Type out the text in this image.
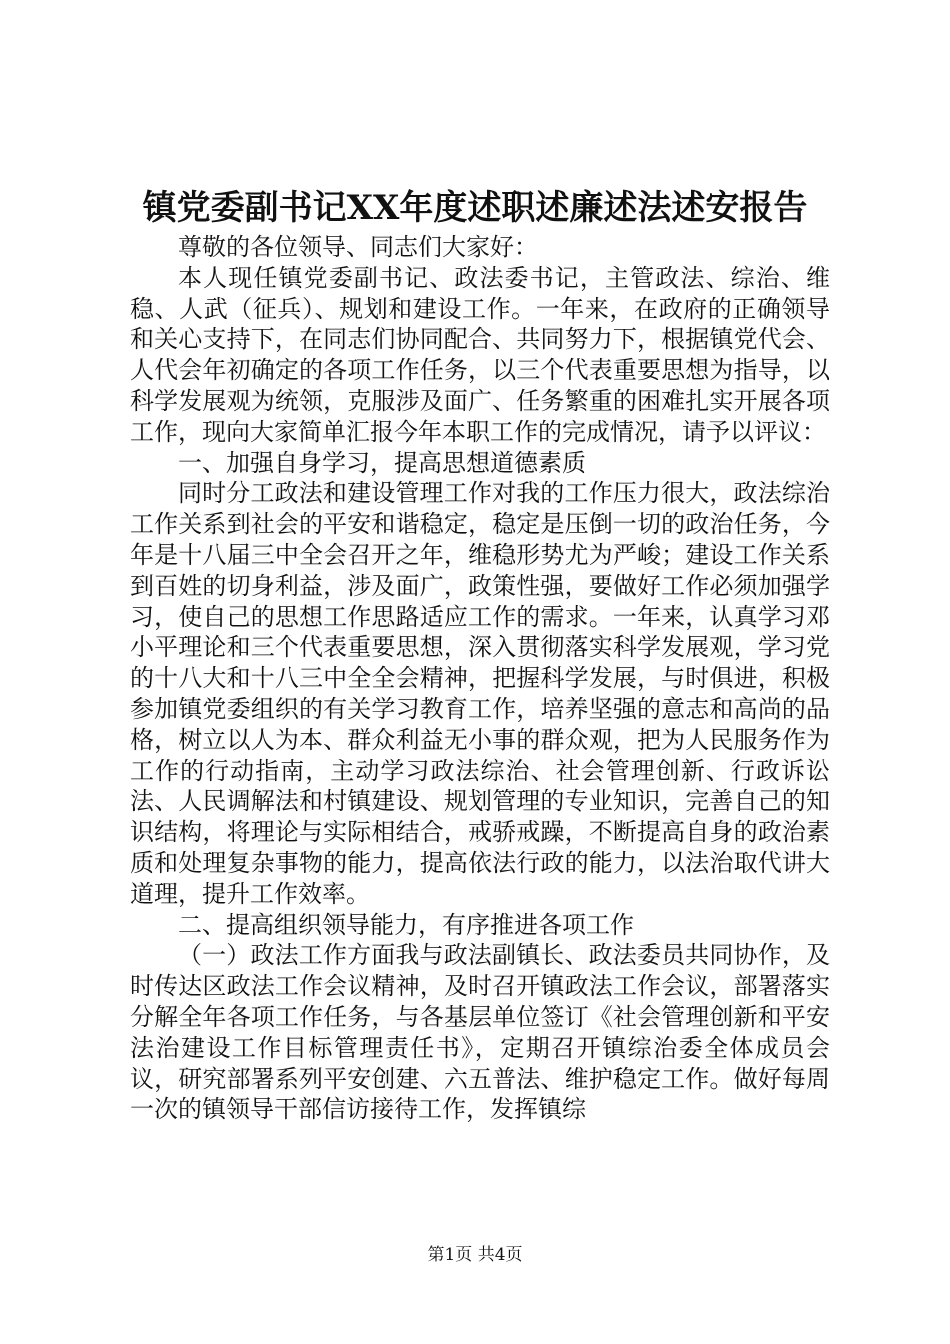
镇党委副书记XX年度述职述廉述法述安报告

尊敬的各位领导、同志们大家好：

本人现任镇党委副书记、政法委书记，主管政法、综治、维稳、人武（征兵）、规划和建设工作。一年来，在政府的正确领导和关心支持下，在同志们协同配合、共同努力下，根据镇党代会、人代会年初确定的各项工作任务，以三个代表重要思想为指导，以科学发展观为统领，克服涉及面广、任务繁重的困难扎实开展各项工作，现向大家简单汇报今年本职工作的完成情况，请予以评议：

一、加强自身学习，提高思想道德素质

同时分工政法和建设管理工作对我的工作压力很大，政法综治工作关系到社会的平安和谐稳定，稳定是压倒一切的政治任务，今年是十八届三中全会召开之年，维稳形势尤为严峻；建设工作关系到百姓的切身利益，涉及面广，政策性强，要做好工作必须加强学习，使自己的思想工作思路适应工作的需求。一年来，认真学习邓小平理论和三个代表重要思想，深入贯彻落实科学发展观，学习党的十八大和十八三中全全会精神，把握科学发展，与时俱进，积极参加镇党委组织的有关学习教育工作，培养坚强的意志和高尚的品格，树立以人为本、群众利益无小事的群众观，把为人民服务作为工作的行动指南，主动学习政法综治、社会管理创新、行政诉讼法、人民调解法和村镇建设、规划管理的专业知识，完善自己的知识结构，将理论与实际相结合，戒骄戒躁，不断提高自身的政治素质和处理复杂事物的能力，提高依法行政的能力，以法治取代讲大道理，提升工作效率。

二、提高组织领导能力，有序推进各项工作

（一）政法工作方面我与政法副镇长、政法委员共同协作，及时传达区政法工作会议精神，及时召开镇政法工作会议，部署落实分解全年各项工作任务，与各基层单位签订《社会管理创新和平安法治建设工作目标管理责任书》，定期召开镇综治委全体成员会议，研究部署系列平安创建、六五普法、维护稳定工作。做好每周一次的镇领导干部信访接待工作，发挥镇综

第1页 共4页
